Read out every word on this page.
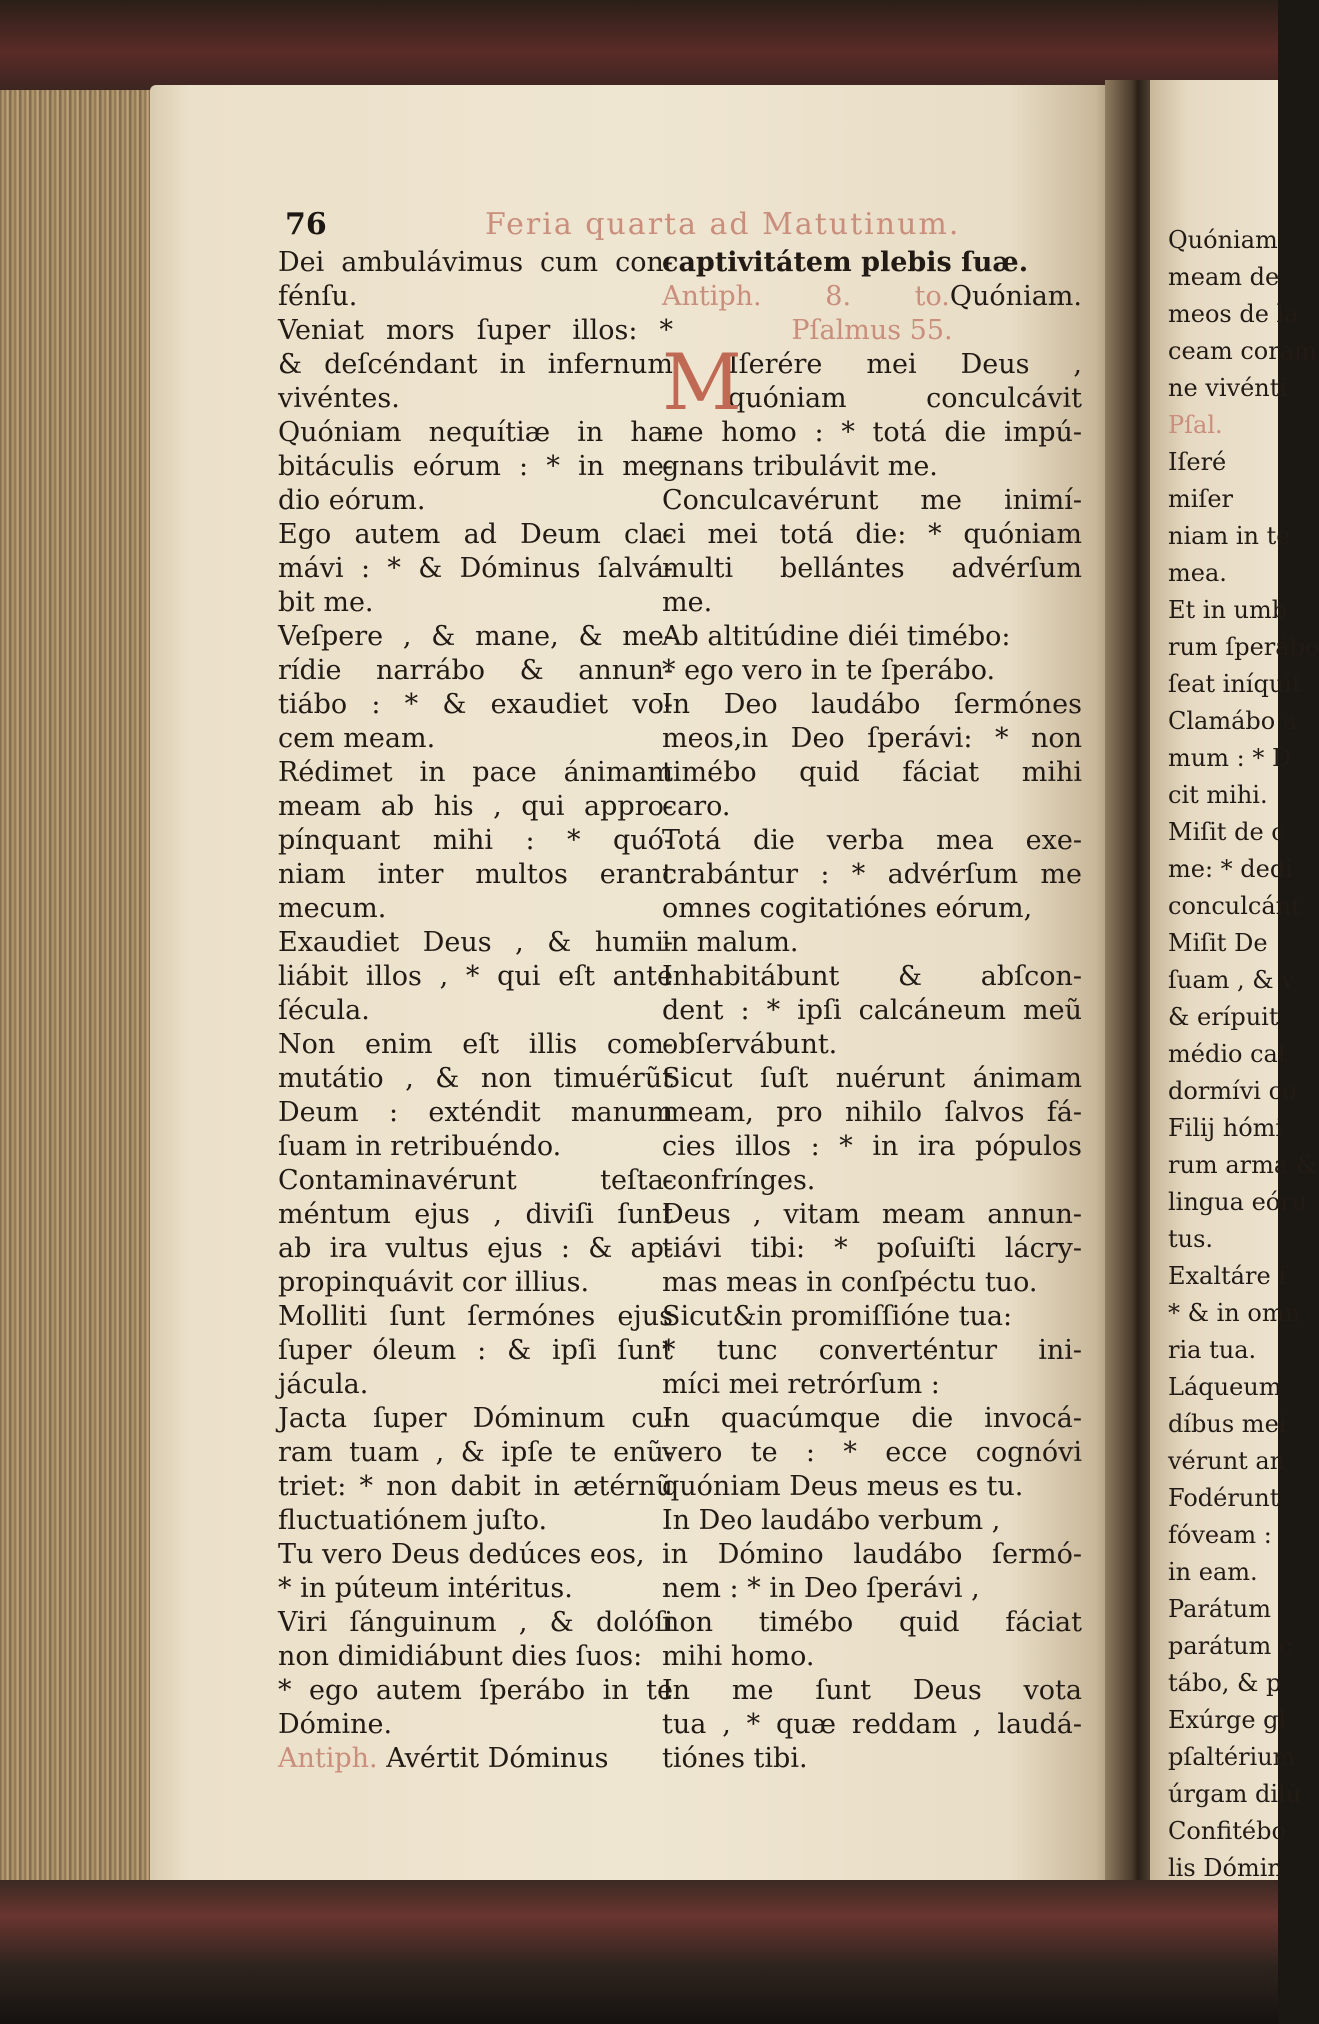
76	Feria quarta ad Matutinum.
Dei ambulávimus cum con-
fénſu.
Veniat mors ſuper illos: *
& deſcéndant in infernum
vivéntes.
Quóniam nequítiæ in ha-
bitáculis eórum : * in me-
dio eórum.
Ego autem ad Deum cla-
mávi : * & Dóminus ſalvá-
bit me.
Veſpere , & mane, & me-
rídie narrábo & annun-
tiábo : * & exaudiet vo-
cem meam.
Rédimet in pace ánimam
meam ab his , qui appro-
pínquant mihi : * quó-
niam inter multos erant
mecum.
Exaudiet Deus , & humi-
liábit illos , * qui eſt ante
ſécula.
Non enim eſt illis com-
mutátio , & non timuérũt
Deum : exténdit manum
ſuam in retribuéndo.
Contaminavérunt teſta-
méntum ejus , diviſi ſunt
ab ira vultus ejus : & ap-
propinquávit cor illius.
Molliti ſunt ſermónes ejus
ſuper óleum : & ipſi ſunt
jácula.
Jacta ſuper Dóminum cu-
ram tuam , & ipſe te enũ-
triet: * non dabit in ætérnũ
fluctuatiónem juſto.
Tu vero Deus dedúces eos,
* in púteum intéritus.
Viri ſánguinum , & dolóſi
non dimidiábunt dies ſuos:
* ego autem ſperábo in te
Dómine.
Antiph. Avértit Dóminus
captivitátem plebis ſuæ.
Antiph. 8. to. Quóniam.
Pſalmus 55.
M
Iſerére mei Deus ,
quóniam conculcávit
me homo : * totá die impú-
gnans tribulávit me.
Conculcavérunt me inimí-
ci mei totá die: * quóniam
multi bellántes advérſum
me.
Ab altitúdine diéi timébo:
* ego vero in te ſperábo.
In Deo laudábo ſermónes
meos,in Deo ſperávi: * non
timébo quid fáciat mihi
caro.
Totá die verba mea exe-
crabántur : * advérſum me
omnes cogitatiónes eórum,
in malum.
Inhabitábunt & abſcon-
dent : * ipſi calcáneum meũ
obſervábunt.
Sicut ſuſt nuérunt ánimam
meam, pro nihilo ſalvos fá-
cies illos : * in ira pópulos
confrínges.
Deus , vitam meam annun-
tiávi tibi: * poſuiſti lácry-
mas meas in conſpéctu tuo.
Sicut&in promiſſióne tua:
* tunc converténtur ini-
míci mei retrórſum :
In quacúmque die invocá-
vero te : * ecce cognóvi
quóniam Deus meus es tu.
In Deo laudábo verbum ,
in Dómino laudábo ſermó-
nem : * in Deo ſperávi ,
non timébo quid fáciat
mihi homo.
In me ſunt Deus vota
tua , * quæ reddam , laudá-
tiónes tibi.
Quóniam
meam de
meos de la
ceam coram
ne vivénti
Pſal.
Iſeré
miſer
niam in te
mea.
Et in umb
rum ſperábo
ſeat iníquit
Clamábo a
mum : * D
cit mihi.
Miſit de c
me: * dedi
conculcánt
Miſit De
ſuam , & v
& erípuit
médio cat
dormívi co
Filij hómi
rum arma &
lingua eóru
tus.
Exaltáre ſ
* & in omn
ria tua.
Láqueum
díbus mei
vérunt an
Fodérunt
fóveam :
in eam.
Parátum
parátum c
tábo, & p
Exúrge gl
pſaltérium
úrgam dilú
Confitébo
lis Dómin
